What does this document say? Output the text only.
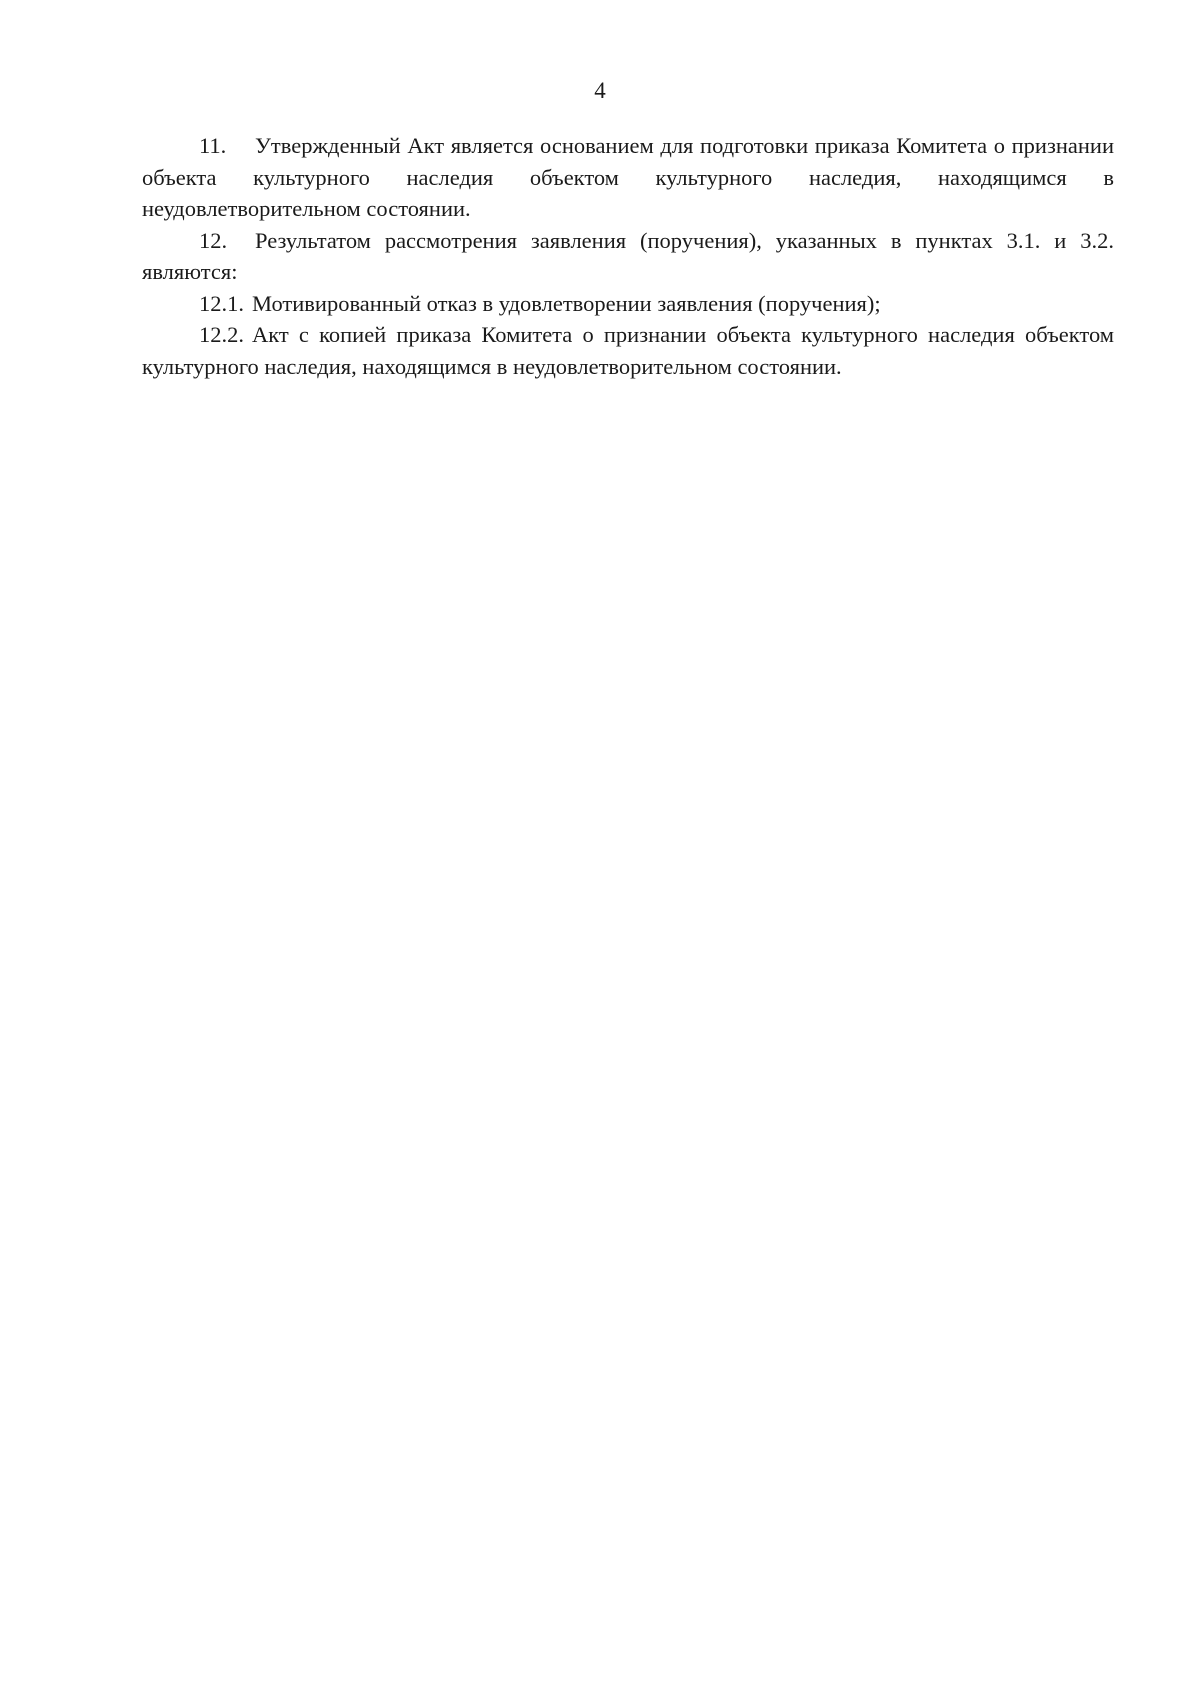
4

11. Утвержденный Акт является основанием для подготовки приказа Комитета о признании объекта культурного наследия объектом культурного наследия, находящимся в неудовлетворительном состоянии.

12. Результатом рассмотрения заявления (поручения), указанных в пунктах 3.1. и 3.2. являются:

12.1. Мотивированный отказ в удовлетворении заявления (поручения);

12.2. Акт с копией приказа Комитета о признании объекта культурного наследия объектом культурного наследия, находящимся в неудовлетворительном состоянии.
